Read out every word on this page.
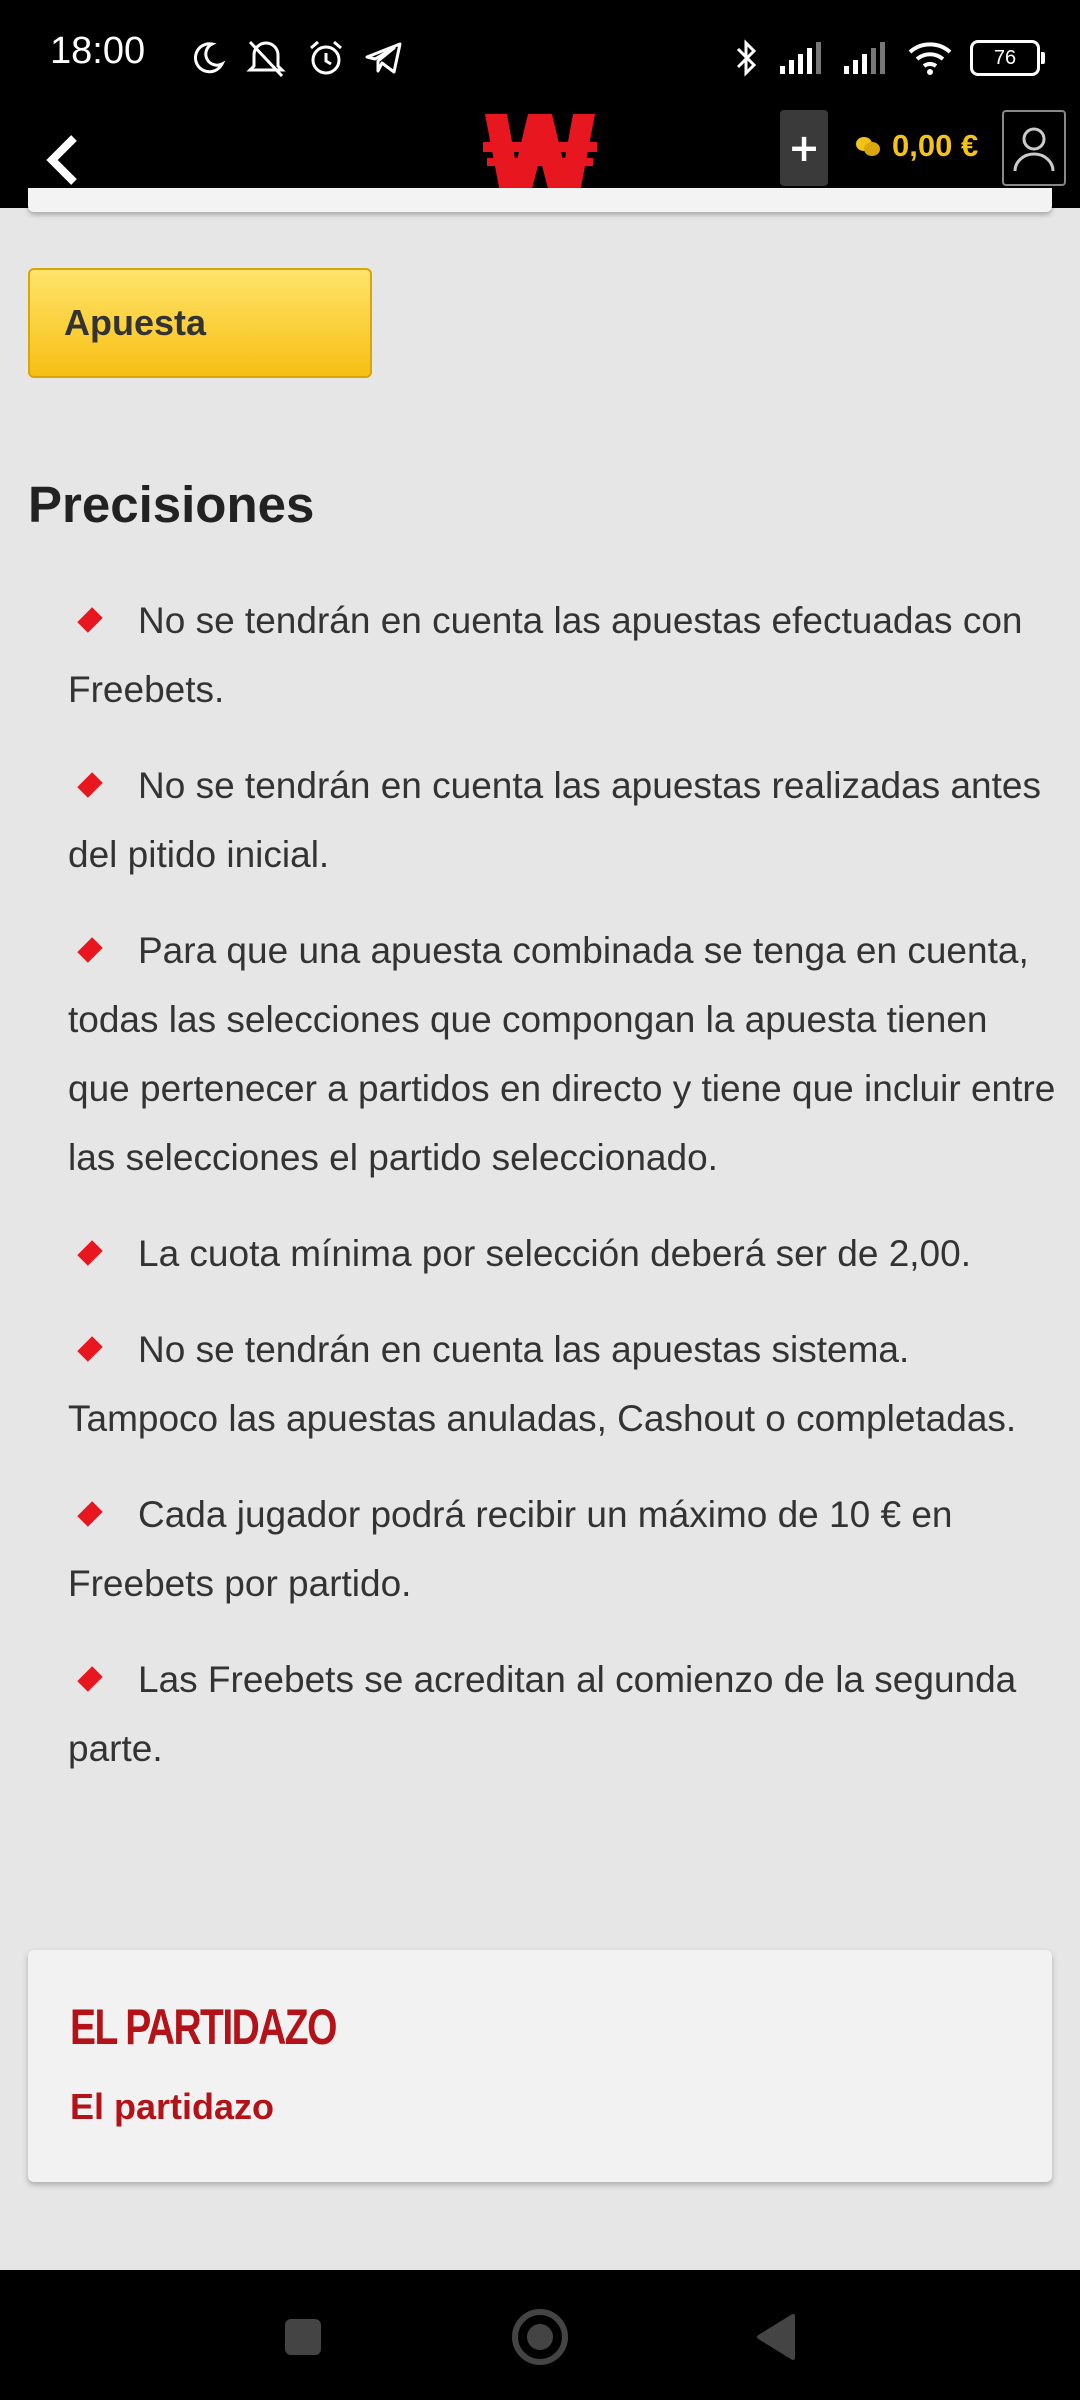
18:00	76
+ 0,00 €
Apuesta
Precisiones
No se tendrán en cuenta las apuestas efectuadas con Freebets.
No se tendrán en cuenta las apuestas realizadas antes del pitido inicial.
Para que una apuesta combinada se tenga en cuenta, todas las selecciones que compongan la apuesta tienen que pertenecer a partidos en directo y tiene que incluir entre las selecciones el partido seleccionado.
La cuota mínima por selección deberá ser de 2,00.
No se tendrán en cuenta las apuestas sistema. Tampoco las apuestas anuladas, Cashout o completadas.
Cada jugador podrá recibir un máximo de 10 € en Freebets por partido.
Las Freebets se acreditan al comienzo de la segunda parte.
EL PARTIDAZO
El partidazo
